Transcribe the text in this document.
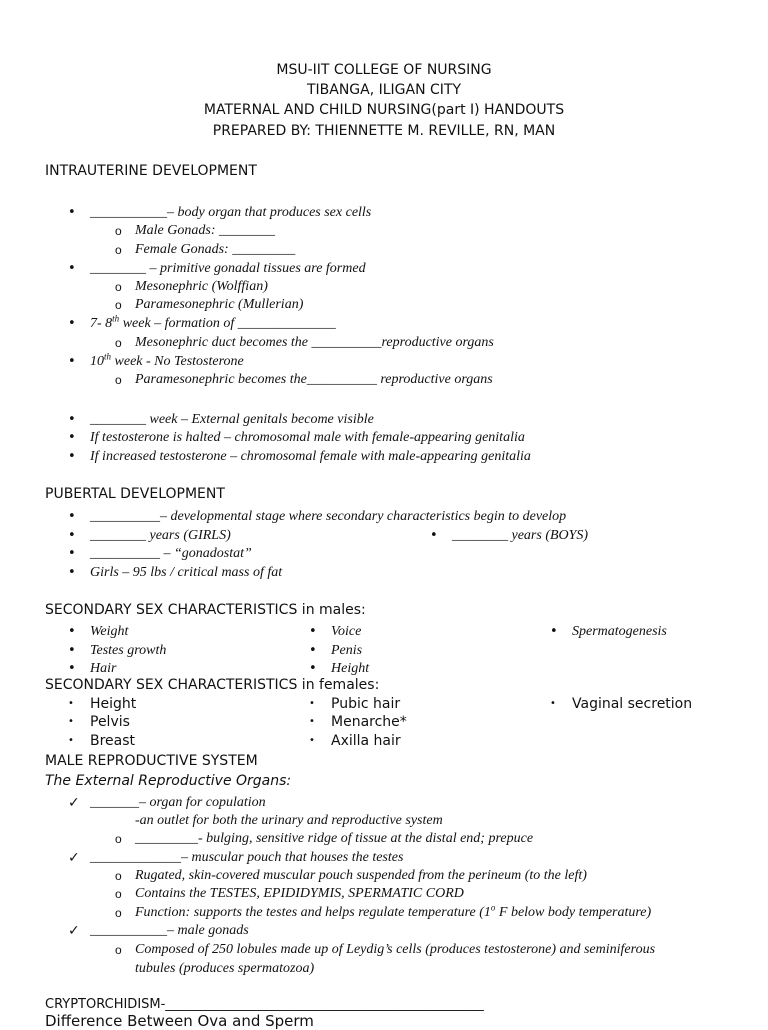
MSU-IIT COLLEGE OF NURSING
TIBANGA, ILIGAN CITY
MATERNAL AND CHILD NURSING(part I) HANDOUTS
PREPARED BY: THIENNETTE M. REVILLE, RN, MAN
INTRAUTERINE DEVELOPMENT
• ___________– body organ that produces sex cells
o Male Gonads: ________
o Female Gonads: _________
• ________ – primitive gonadal tissues are formed
o Mesonephric (Wolffian)
o Paramesonephric (Mullerian)
• 7- 8th week – formation of ______________
o Mesonephric duct becomes the __________reproductive organs
• 10th week - No Testosterone
o Paramesonephric becomes the__________ reproductive organs
• ________ week – External genitals become visible
• If testosterone is halted – chromosomal male with female-appearing genitalia
• If increased testosterone – chromosomal female with male-appearing genitalia
PUBERTAL DEVELOPMENT
• __________– developmental stage where secondary characteristics begin to develop
• ________ years (GIRLS)
•	________ years (BOYS)
• __________ – “gonadostat”
• Girls – 95 lbs / critical mass of fat
SECONDARY SEX CHARACTERISTICS in males:
• Weight
• Testes growth
• Hair
• Voice
• Penis
• Height
• Spermatogenesis
SECONDARY SEX CHARACTERISTICS in females:
• Height
• Pelvis
• Breast
• Pubic hair
• Menarche*
• Axilla hair
• Vaginal secretion
MALE REPRODUCTIVE SYSTEM
The External Reproductive Organs:
✓ _______– organ for copulation
-an outlet for both the urinary and reproductive system
o _________- bulging, sensitive ridge of tissue at the distal end; prepuce
✓ _____________– muscular pouch that houses the testes
o Rugated, skin-covered muscular pouch suspended from the perineum (to the left)
o Contains the TESTES, EPIDIDYMIS, SPERMATIC CORD
o Function: supports the testes and helps regulate temperature (1$^o$ F below body temperature)
✓ ___________– male gonads
o Composed of 250 lobules made up of Leydig’s cells (produces testosterone) and seminiferous
tubules (produces spermatozoa)
CRYPTORCHIDISM-_________________________________________________
Difference Between Ova and Sperm
